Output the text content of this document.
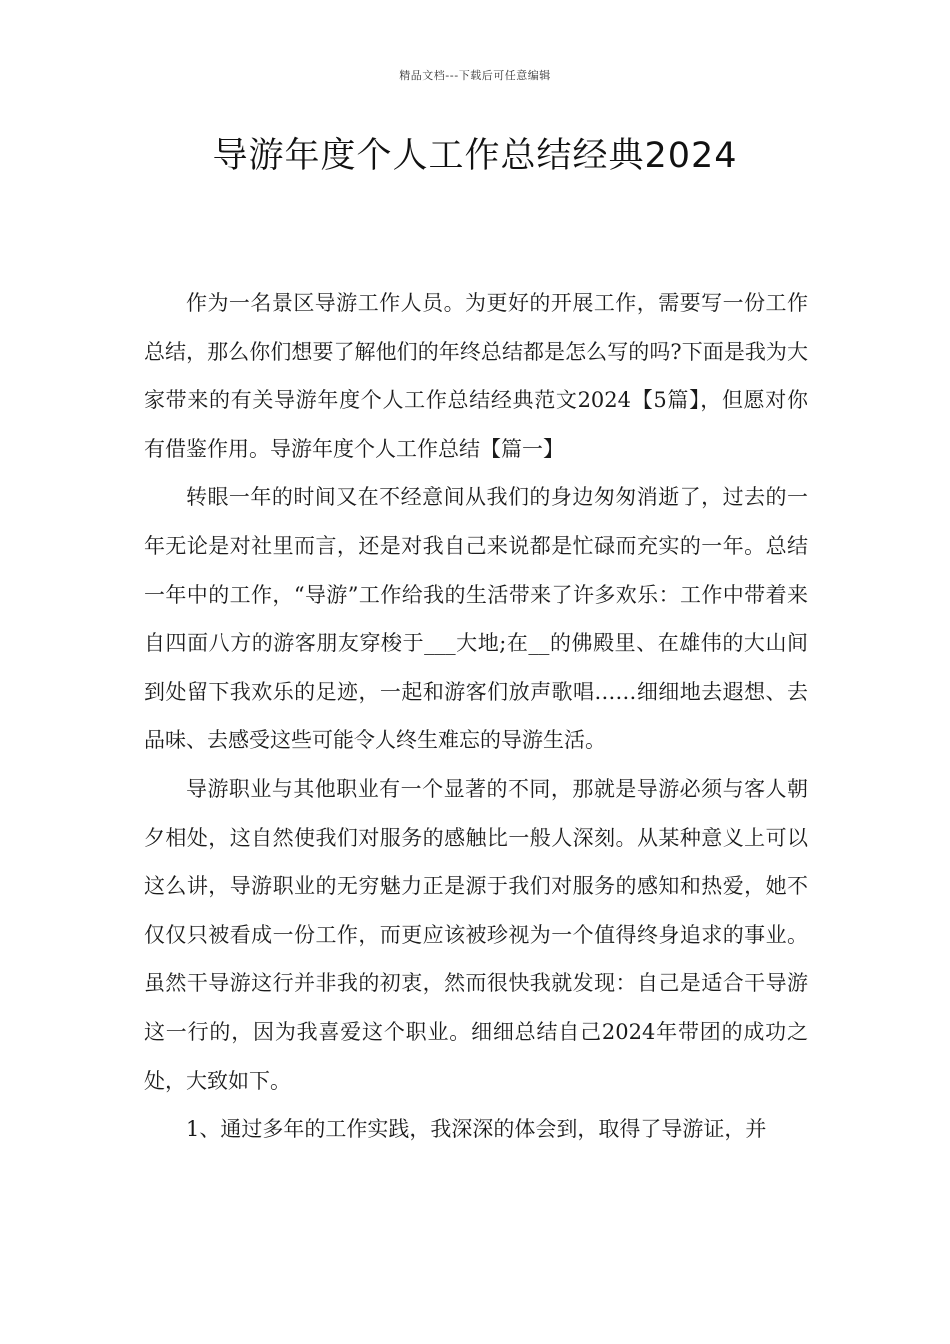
精品文档---下载后可任意编辑
导游年度个人工作总结经典2024

作为一名景区导游工作人员。为更好的开展工作，需要写一份工作总结，那么你们想要了解他们的年终总结都是怎么写的吗?下面是我为大家带来的有关导游年度个人工作总结经典范文2024【5篇】，但愿对你有借鉴作用。导游年度个人工作总结【篇一】

转眼一年的时间又在不经意间从我们的身边匆匆消逝了，过去的一年无论是对社里而言，还是对我自己来说都是忙碌而充实的一年。总结一年中的工作，“导游”工作给我的生活带来了许多欢乐：工作中带着来自四面八方的游客朋友穿梭于___大地;在__的佛殿里、在雄伟的大山间到处留下我欢乐的足迹，一起和游客们放声歌唱……细细地去遐想、去品味、去感受这些可能令人终生难忘的导游生活。

导游职业与其他职业有一个显著的不同，那就是导游必须与客人朝夕相处，这自然使我们对服务的感触比一般人深刻。从某种意义上可以这么讲，导游职业的无穷魅力正是源于我们对服务的感知和热爱，她不仅仅只被看成一份工作，而更应该被珍视为一个值得终身追求的事业。虽然干导游这行并非我的初衷，然而很快我就发现：自己是适合干导游这一行的，因为我喜爱这个职业。细细总结自己2024年带团的成功之处，大致如下。

1、通过多年的工作实践，我深深的体会到，取得了导游证，并
